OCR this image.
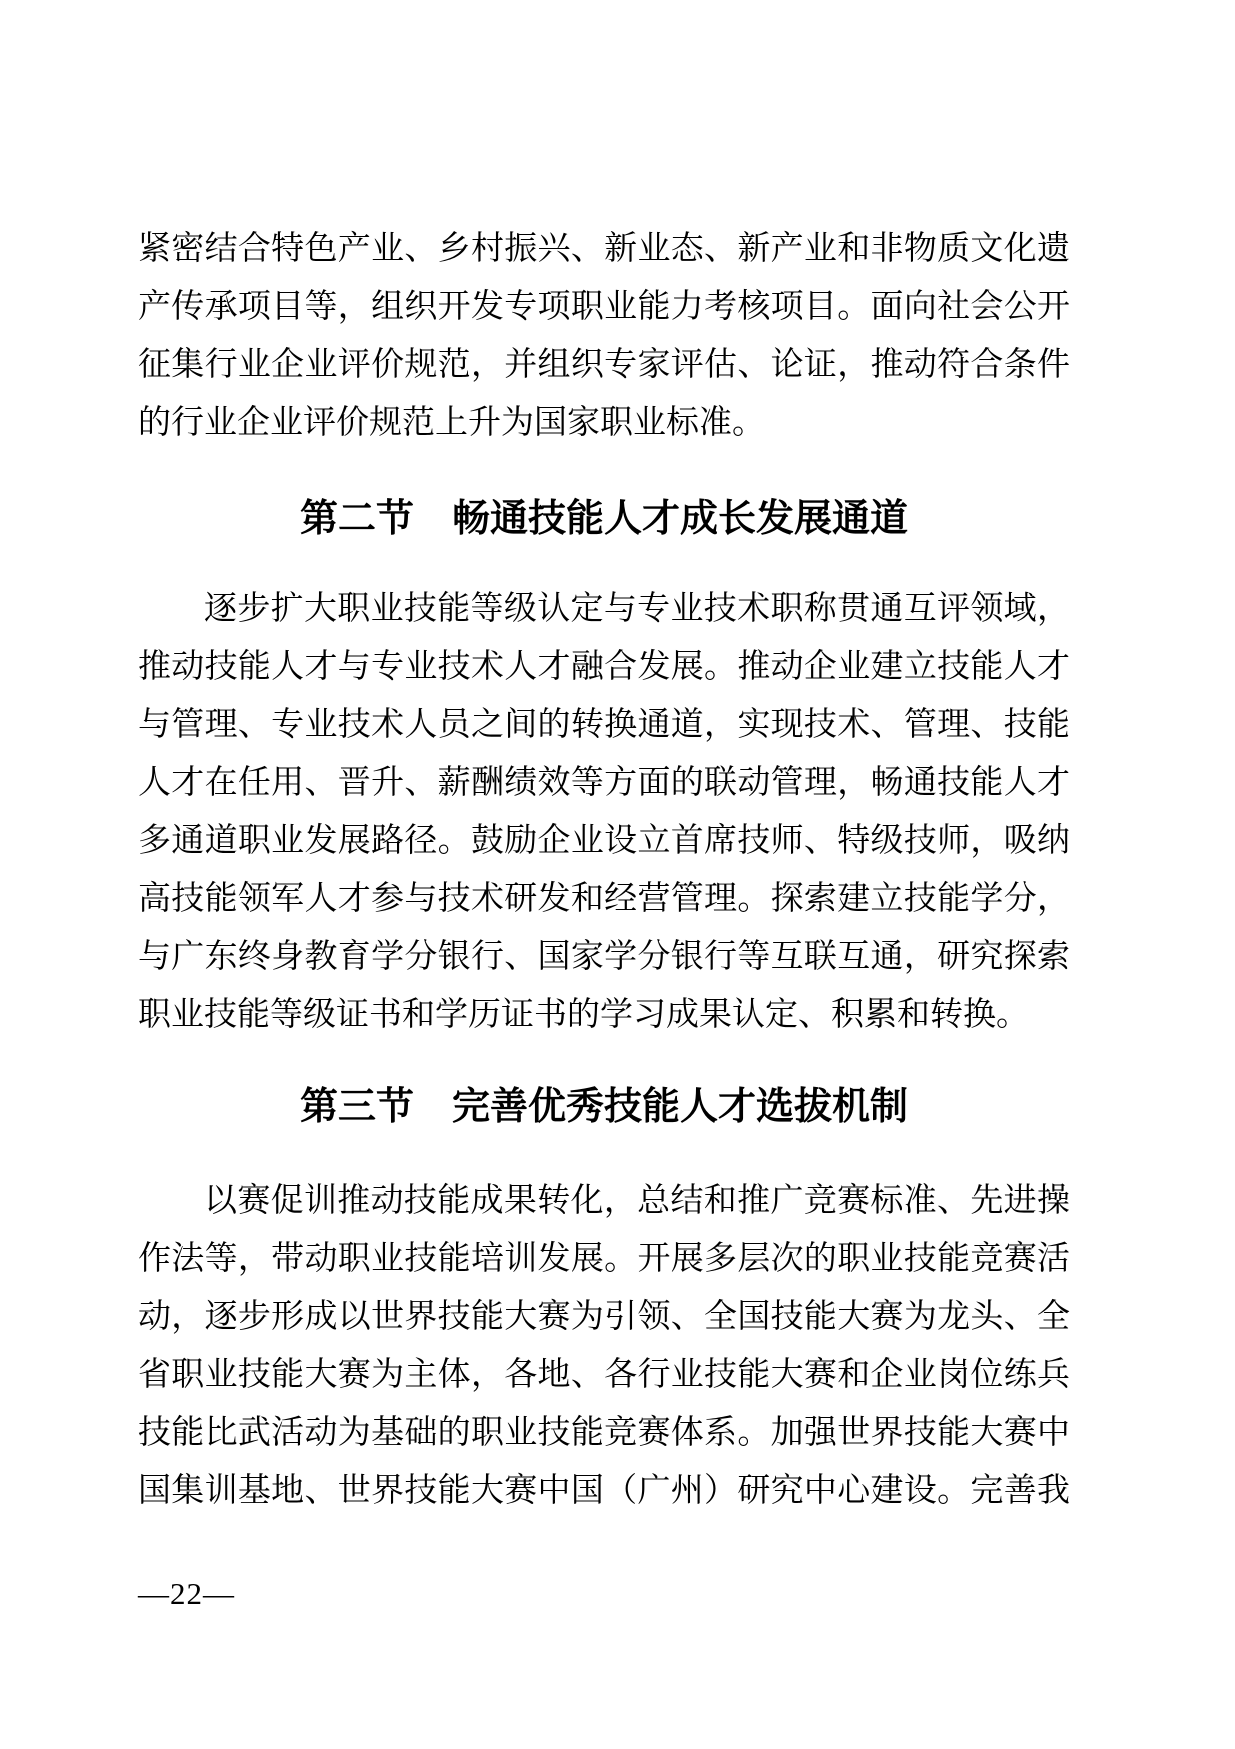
紧密结合特色产业、乡村振兴、新业态、新产业和非物质文化遗
产传承项目等，组织开发专项职业能力考核项目。面向社会公开
征集行业企业评价规范，并组织专家评估、论证，推动符合条件
的行业企业评价规范上升为国家职业标准。
第二节　畅通技能人才成长发展通道
逐步扩大职业技能等级认定与专业技术职称贯通互评领域，
推动技能人才与专业技术人才融合发展。推动企业建立技能人才
与管理、专业技术人员之间的转换通道，实现技术、管理、技能
人才在任用、晋升、薪酬绩效等方面的联动管理，畅通技能人才
多通道职业发展路径。鼓励企业设立首席技师、特级技师，吸纳
高技能领军人才参与技术研发和经营管理。探索建立技能学分，
与广东终身教育学分银行、国家学分银行等互联互通，研究探索
职业技能等级证书和学历证书的学习成果认定、积累和转换。
第三节　完善优秀技能人才选拔机制
以赛促训推动技能成果转化，总结和推广竞赛标准、先进操
作法等，带动职业技能培训发展。开展多层次的职业技能竞赛活
动，逐步形成以世界技能大赛为引领、全国技能大赛为龙头、全
省职业技能大赛为主体，各地、各行业技能大赛和企业岗位练兵
技能比武活动为基础的职业技能竞赛体系。加强世界技能大赛中
国集训基地、世界技能大赛中国（广州）研究中心建设。完善我
—22—
